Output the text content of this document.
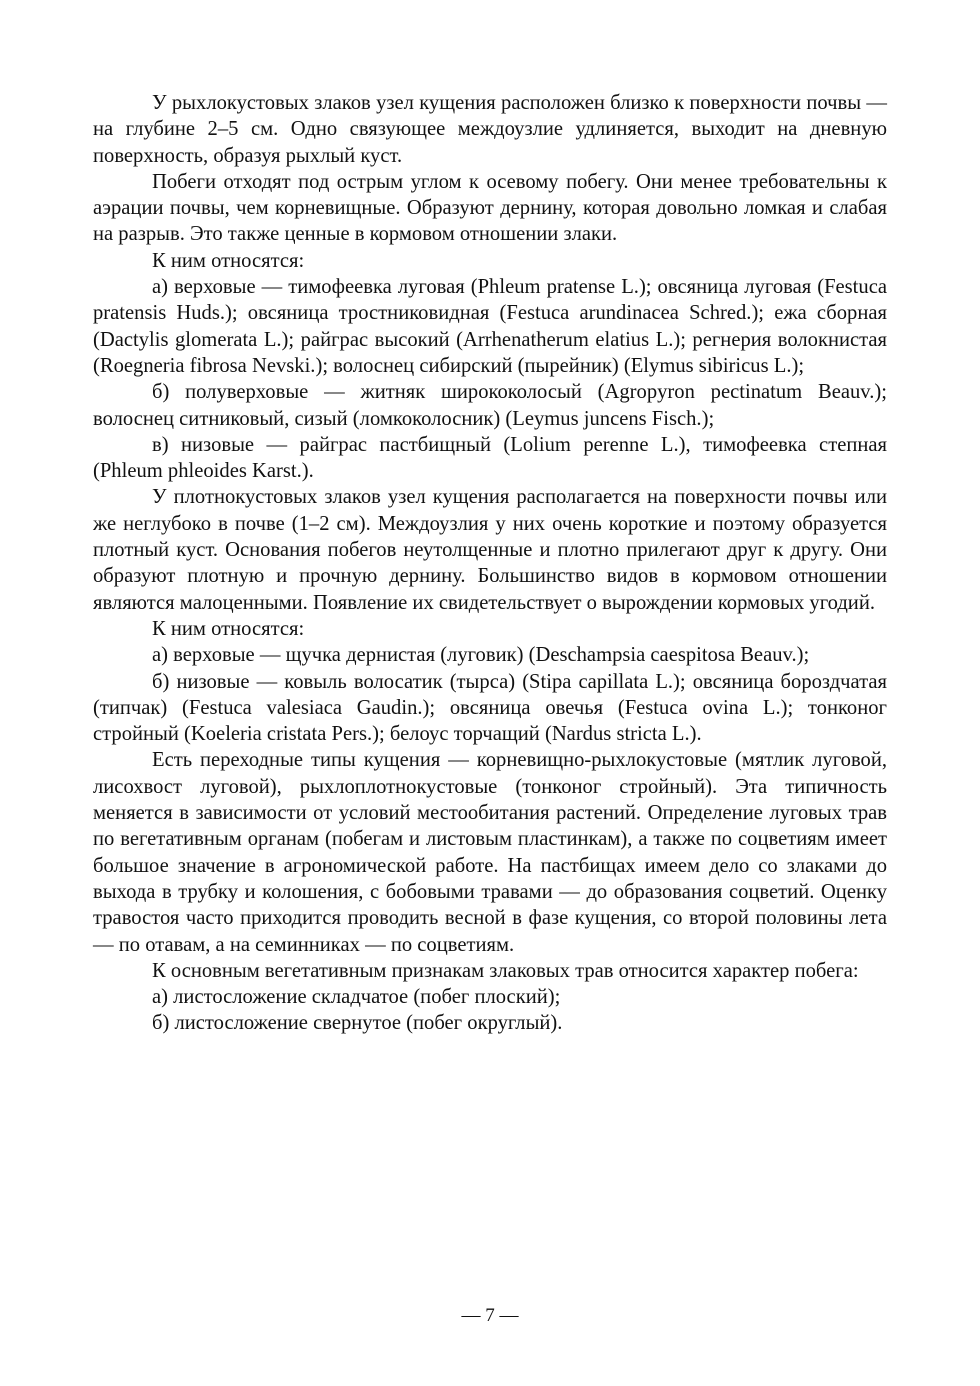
У рыхлокустовых злаков узел кущения расположен близко к поверхности почвы — на глубине 2–5 см. Одно связующее междоузлие удлиняется, выходит на дневную поверхность, образуя рыхлый куст.

Побеги отходят под острым углом к осевому побегу. Они менее требовательны к аэрации почвы, чем корневищные. Образуют дернину, которая довольно ломкая и слабая на разрыв. Это также ценные в кормовом отношении злаки.

К ним относятся:

а) верховые — тимофеевка луговая (Phleum pratense L.); овсяница луговая (Festuca pratensis Huds.); овсяница тростниковидная (Festuca arundinacea Schred.); ежа сборная (Dactylis glomerata L.); райграс высокий (Arrhenatherum elatius L.); регнерия волокнистая (Roegneria fibrosa Nevski.); волоснец сибирский (пырейник) (Elymus sibiricus L.);

б) полуверховые — житняк ширококолосый (Agropyron pectinatum Beauv.); волоснец ситниковый, сизый (ломкоколосник) (Leymus juncens Fisch.);

в) низовые — райграс пастбищный (Lolium perenne L.), тимофеевка степная (Phleum phleoides Karst.).

У плотнокустовых злаков узел кущения располагается на поверхности почвы или же неглубоко в почве (1–2 см). Междоузлия у них очень короткие и поэтому образуется плотный куст. Основания побегов неутолщенные и плотно прилегают друг к другу. Они образуют плотную и прочную дернину. Большинство видов в кормовом отношении являются малоценными. Появление их свидетельствует о вырождении кормовых угодий.

К ним относятся:

а) верховые — щучка дернистая (луговик) (Deschampsia caespitosa Beauv.);

б) низовые — ковыль волосатик (тырса) (Stipa capillata L.); овсяница бороздчатая (типчак) (Festuca valesiaca Gaudin.); овсяница овечья (Festuca ovina L.); тонконог стройный (Koeleria cristata Pers.); белоус торчащий (Nardus stricta L.).

Есть переходные типы кущения — корневищно-рыхлокустовые (мятлик луговой, лисохвост луговой), рыхлоплотнокустовые (тонконог стройный). Эта типичность меняется в зависимости от условий местообитания растений. Определение луговых трав по вегетативным органам (побегам и листовым пластинкам), а также по соцветиям имеет большое значение в агрономической работе. На пастбищах имеем дело со злаками до выхода в трубку и колошения, с бобовыми травами — до образования соцветий. Оценку травостоя часто приходится проводить весной в фазе кущения, со второй половины лета — по отавам, а на семинниках — по соцветиям.

К основным вегетативным признакам злаковых трав относится характер побега:

а) листосложение складчатое (побег плоский);

б) листосложение свернутое (побег округлый).

— 7 —
